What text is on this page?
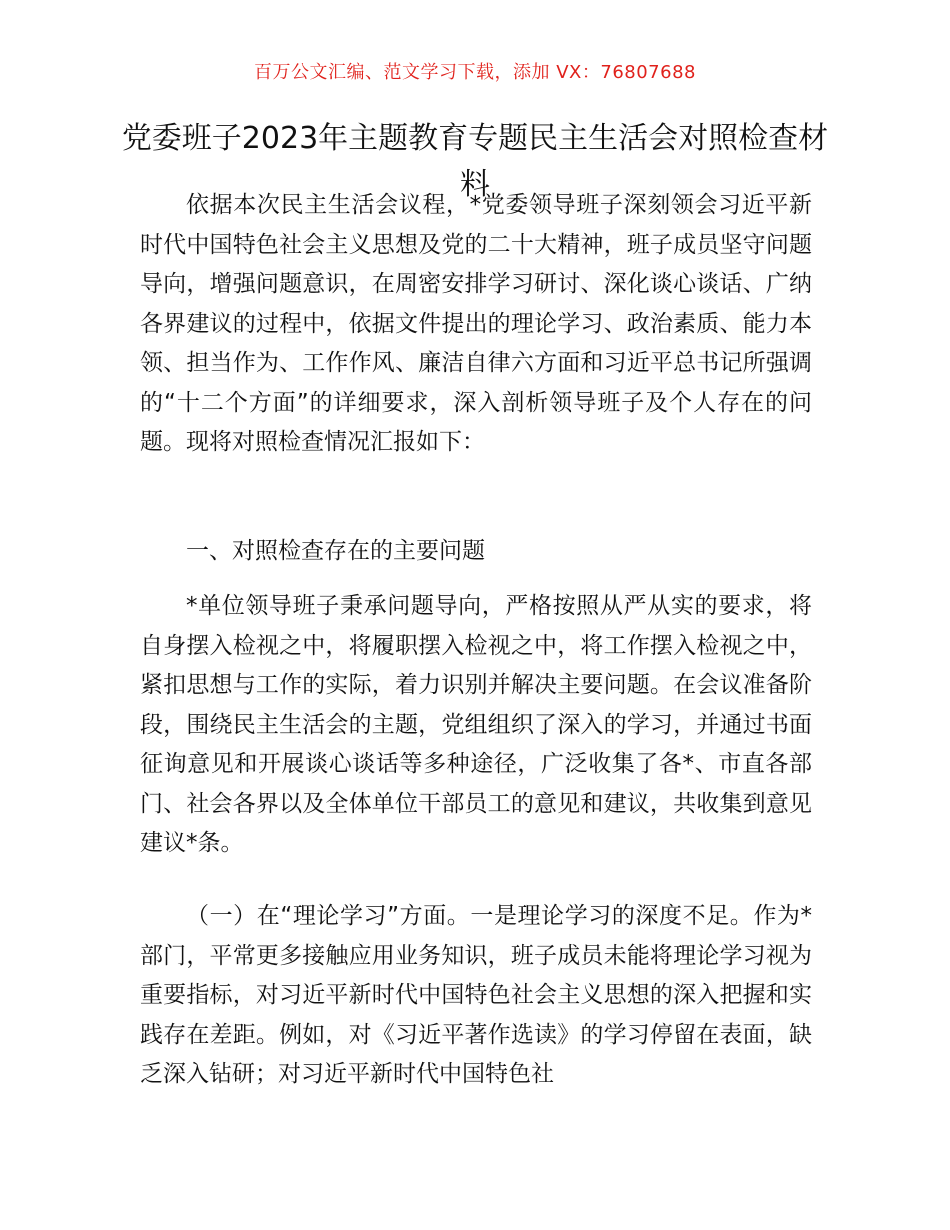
百万公文汇编、范文学习下载，添加 VX：76807688
党委班子2023年主题教育专题民主生活会对照检查材料

依据本次民主生活会议程，*党委领导班子深刻领会习近平新时代中国特色社会主义思想及党的二十大精神，班子成员坚守问题导向，增强问题意识，在周密安排学习研讨、深化谈心谈话、广纳各界建议的过程中，依据文件提出的理论学习、政治素质、能力本领、担当作为、工作作风、廉洁自律六方面和习近平总书记所强调的“十二个方面”的详细要求，深入剖析领导班子及个人存在的问题。现将对照检查情况汇报如下：

一、对照检查存在的主要问题

*单位领导班子秉承问题导向，严格按照从严从实的要求，将自身摆入检视之中，将履职摆入检视之中，将工作摆入检视之中，紧扣思想与工作的实际，着力识别并解决主要问题。在会议准备阶段，围绕民主生活会的主题，党组组织了深入的学习，并通过书面征询意见和开展谈心谈话等多种途径，广泛收集了各*、市直各部门、社会各界以及全体单位干部员工的意见和建议，共收集到意见建议*条。

（一）在“理论学习”方面。一是理论学习的深度不足。作为*部门，平常更多接触应用业务知识，班子成员未能将理论学习视为重要指标，对习近平新时代中国特色社会主义思想的深入把握和实践存在差距。例如，对《习近平著作选读》的学习停留在表面，缺乏深入钻研；对习近平新时代中国特色社
